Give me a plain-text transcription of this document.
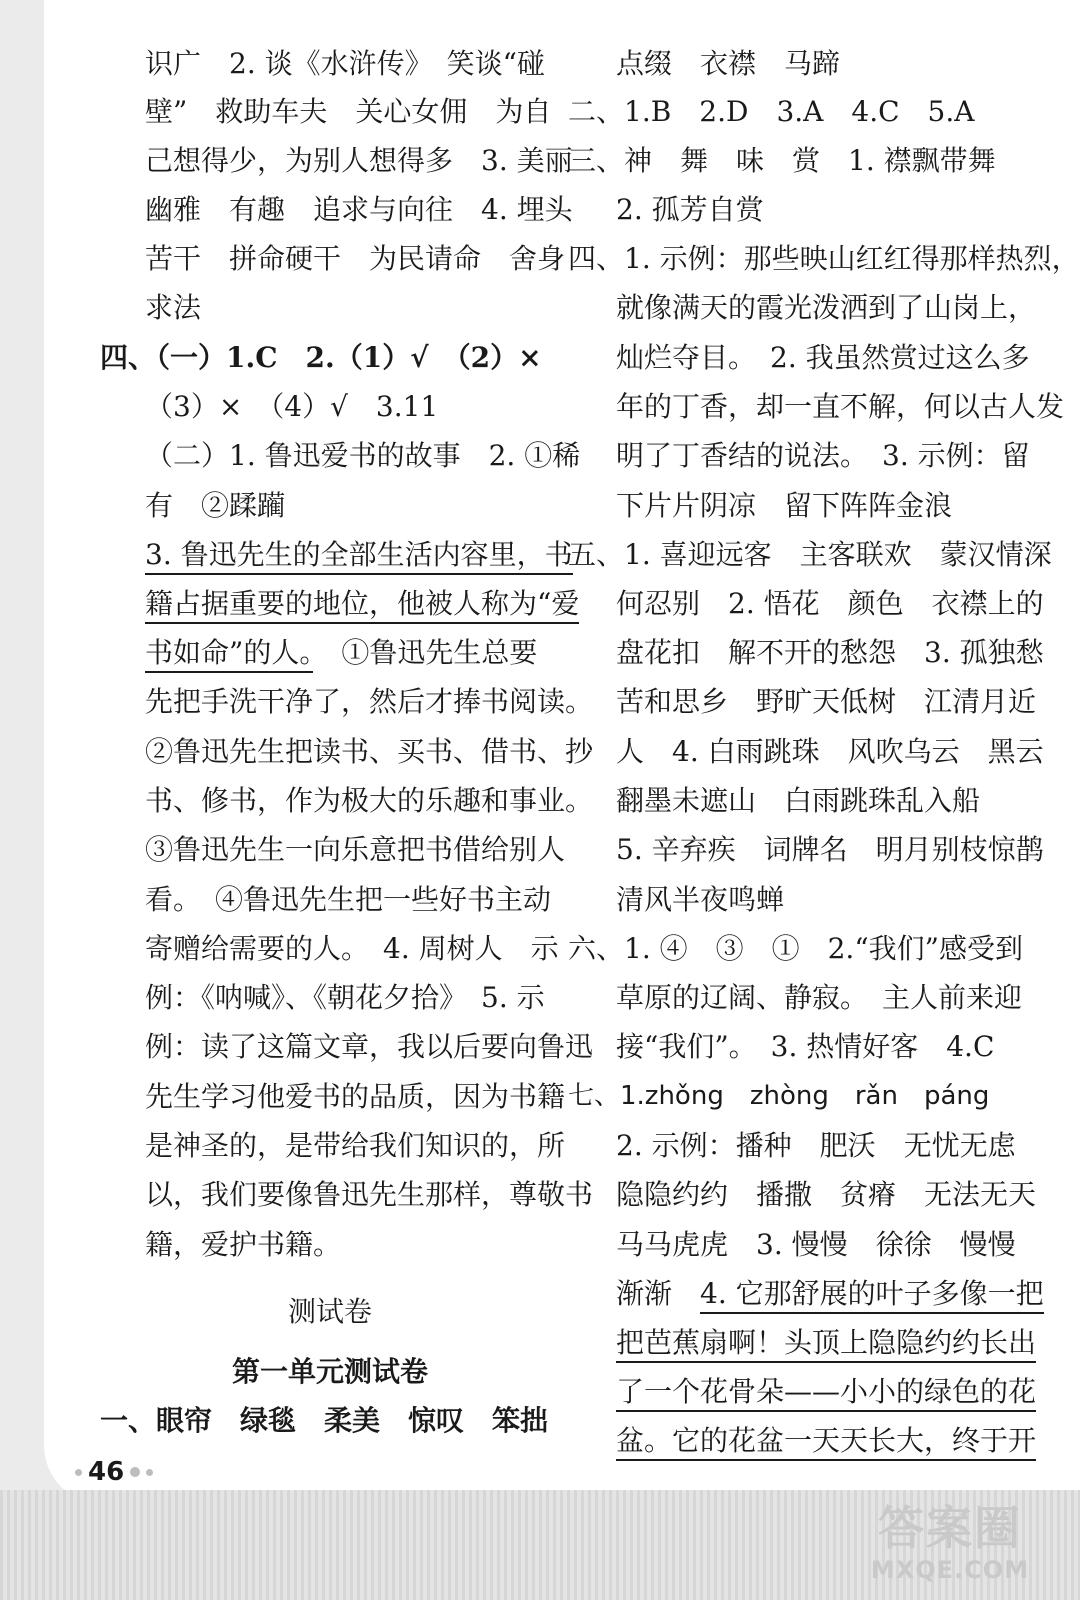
识广　2. 谈《水浒传》　笑谈“碰
壁”　救助车夫　关心女佣　为自
己想得少，为别人想得多　3. 美丽
幽雅　有趣　追求与向往　4. 埋头
苦干　拼命硬干　为民请命　舍身
求法
四、（一）1.C　2.（1）√　（2）×
（3）×　（4）√　3.11
（二）1. 鲁迅爱书的故事　2. ①稀
有　②蹂躏
3. 鲁迅先生的全部生活内容里，书
籍占据重要的地位，他被人称为“爱
书如命”的人。　 ①鲁迅先生总要
先把手洗干净了，然后才捧书阅读。
②鲁迅先生把读书、买书、借书、抄
书、修书，作为极大的乐趣和事业。
③鲁迅先生一向乐意把书借给别人
看。　④鲁迅先生把一些好书主动
寄赠给需要的人。　4. 周树人　示
例：《呐喊》、《朝花夕拾》　5. 示
例：读了这篇文章，我以后要向鲁迅
先生学习他爱书的品质，因为书籍
是神圣的，是带给我们知识的，所
以，我们要像鲁迅先生那样，尊敬书
籍，爱护书籍。
测试卷
第一单元测试卷
一、眼帘　绿毯　柔美　惊叹　笨拙
点缀　衣襟　马蹄
二、1.B　2.D　3.A　4.C　5.A
三、神　舞　味　赏　1. 襟飘带舞
2. 孤芳自赏
四、1. 示例：那些映山红红得那样热烈，
就像满天的霞光泼洒到了山岗上，
灿烂夺目。　2. 我虽然赏过这么多
年的丁香，却一直不解，何以古人发
明了丁香结的说法。　3. 示例：留
下片片阴凉　留下阵阵金浪
五、1. 喜迎远客　主客联欢　蒙汉情深
何忍别　2. 悟花　颜色　衣襟上的
盘花扣　解不开的愁怨　3. 孤独愁
苦和思乡　野旷天低树　江清月近
人　4. 白雨跳珠　风吹乌云　黑云
翻墨未遮山　白雨跳珠乱入船
5. 辛弃疾　词牌名　明月别枝惊鹊
清风半夜鸣蝉
六、1. ④　③　①　2.“我们”感受到
草原的辽阔、静寂。　主人前来迎
接“我们”。　3. 热情好客　4.C
七、1.zhǒng　zhòng　rǎn　páng
2. 示例：播种　肥沃　无忧无虑
隐隐约约　播撒　贫瘠　无法无天
马马虎虎　3. 慢慢　徐徐　慢慢
渐渐　4. 它那舒展的叶子多像一把
把芭蕉扇啊！头顶上隐隐约约长出
了一个花骨朵——小小的绿色的花
盆。它的花盆一天天长大，终于开
46
答案圈
MXQE.COM
